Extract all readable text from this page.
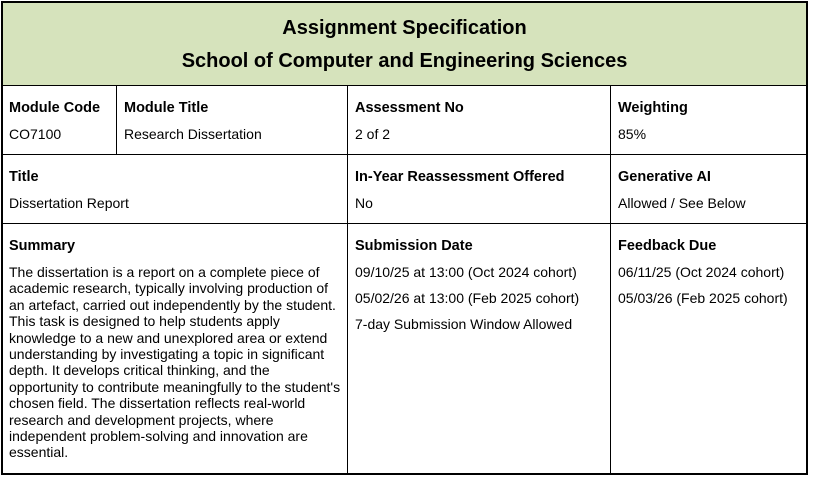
Assignment Specification
School of Computer and Engineering Sciences
Module Code
CO7100
Module Title
Research Dissertation
Assessment No
2 of 2
Weighting
85%
Title
Dissertation Report
In-Year Reassessment Offered
No
Generative AI
Allowed / See Below
Summary
The dissertation is a report on a complete piece of academic research, typically involving production of an artefact, carried out independently by the student. This task is designed to help students apply knowledge to a new and unexplored area or extend understanding by investigating a topic in significant depth. It develops critical thinking, and the opportunity to contribute meaningfully to the student's chosen field. The dissertation reflects real-world research and development projects, where independent problem-solving and innovation are essential.
Submission Date
09/10/25 at 13:00 (Oct 2024 cohort)
05/02/26 at 13:00 (Feb 2025 cohort)
7-day Submission Window Allowed
Feedback Due
06/11/25 (Oct 2024 cohort)
05/03/26 (Feb 2025 cohort)
